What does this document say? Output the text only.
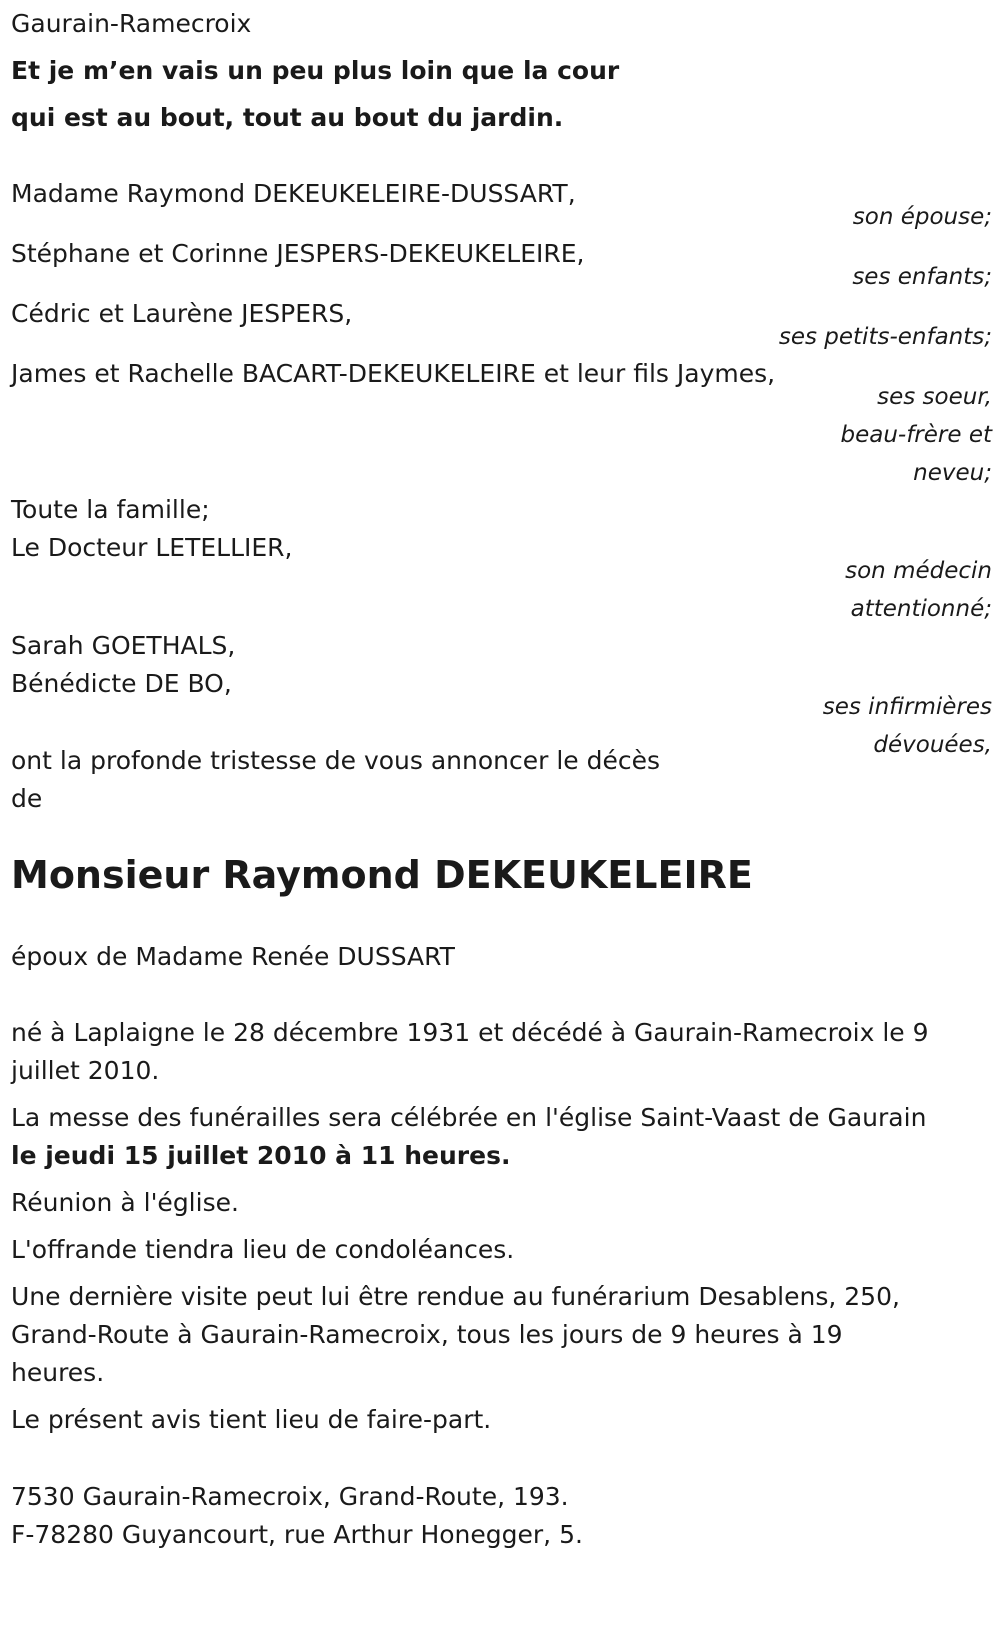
Gaurain-Ramecroix
Et je m’en vais un peu plus loin que la cour
qui est au bout, tout au bout du jardin.
Madame Raymond DEKEUKELEIRE-DUSSART,
son épouse;
Stéphane et Corinne JESPERS-DEKEUKELEIRE,
ses enfants;
Cédric et Laurène JESPERS,
ses petits-enfants;
James et Rachelle BACART-DEKEUKELEIRE et leur fils Jaymes,
ses soeur,
beau-frère et
neveu;
Toute la famille;
Le Docteur LETELLIER,
son médecin
attentionné;
Sarah GOETHALS,
Bénédicte DE BO,
ses infirmières
dévouées,
ont la profonde tristesse de vous annoncer le décès
de
Monsieur Raymond DEKEUKELEIRE
époux de Madame Renée DUSSART
né à Laplaigne le 28 décembre 1931 et décédé à Gaurain-Ramecroix le 9
juillet 2010.
La messe des funérailles sera célébrée en l'église Saint-Vaast de Gaurain
le jeudi 15 juillet 2010 à 11 heures.
Réunion à l'église.
L'offrande tiendra lieu de condoléances.
Une dernière visite peut lui être rendue au funérarium Desablens, 250,
Grand-Route à Gaurain-Ramecroix, tous les jours de 9 heures à 19
heures.
Le présent avis tient lieu de faire-part.
7530 Gaurain-Ramecroix, Grand-Route, 193.
F-78280 Guyancourt, rue Arthur Honegger, 5.
